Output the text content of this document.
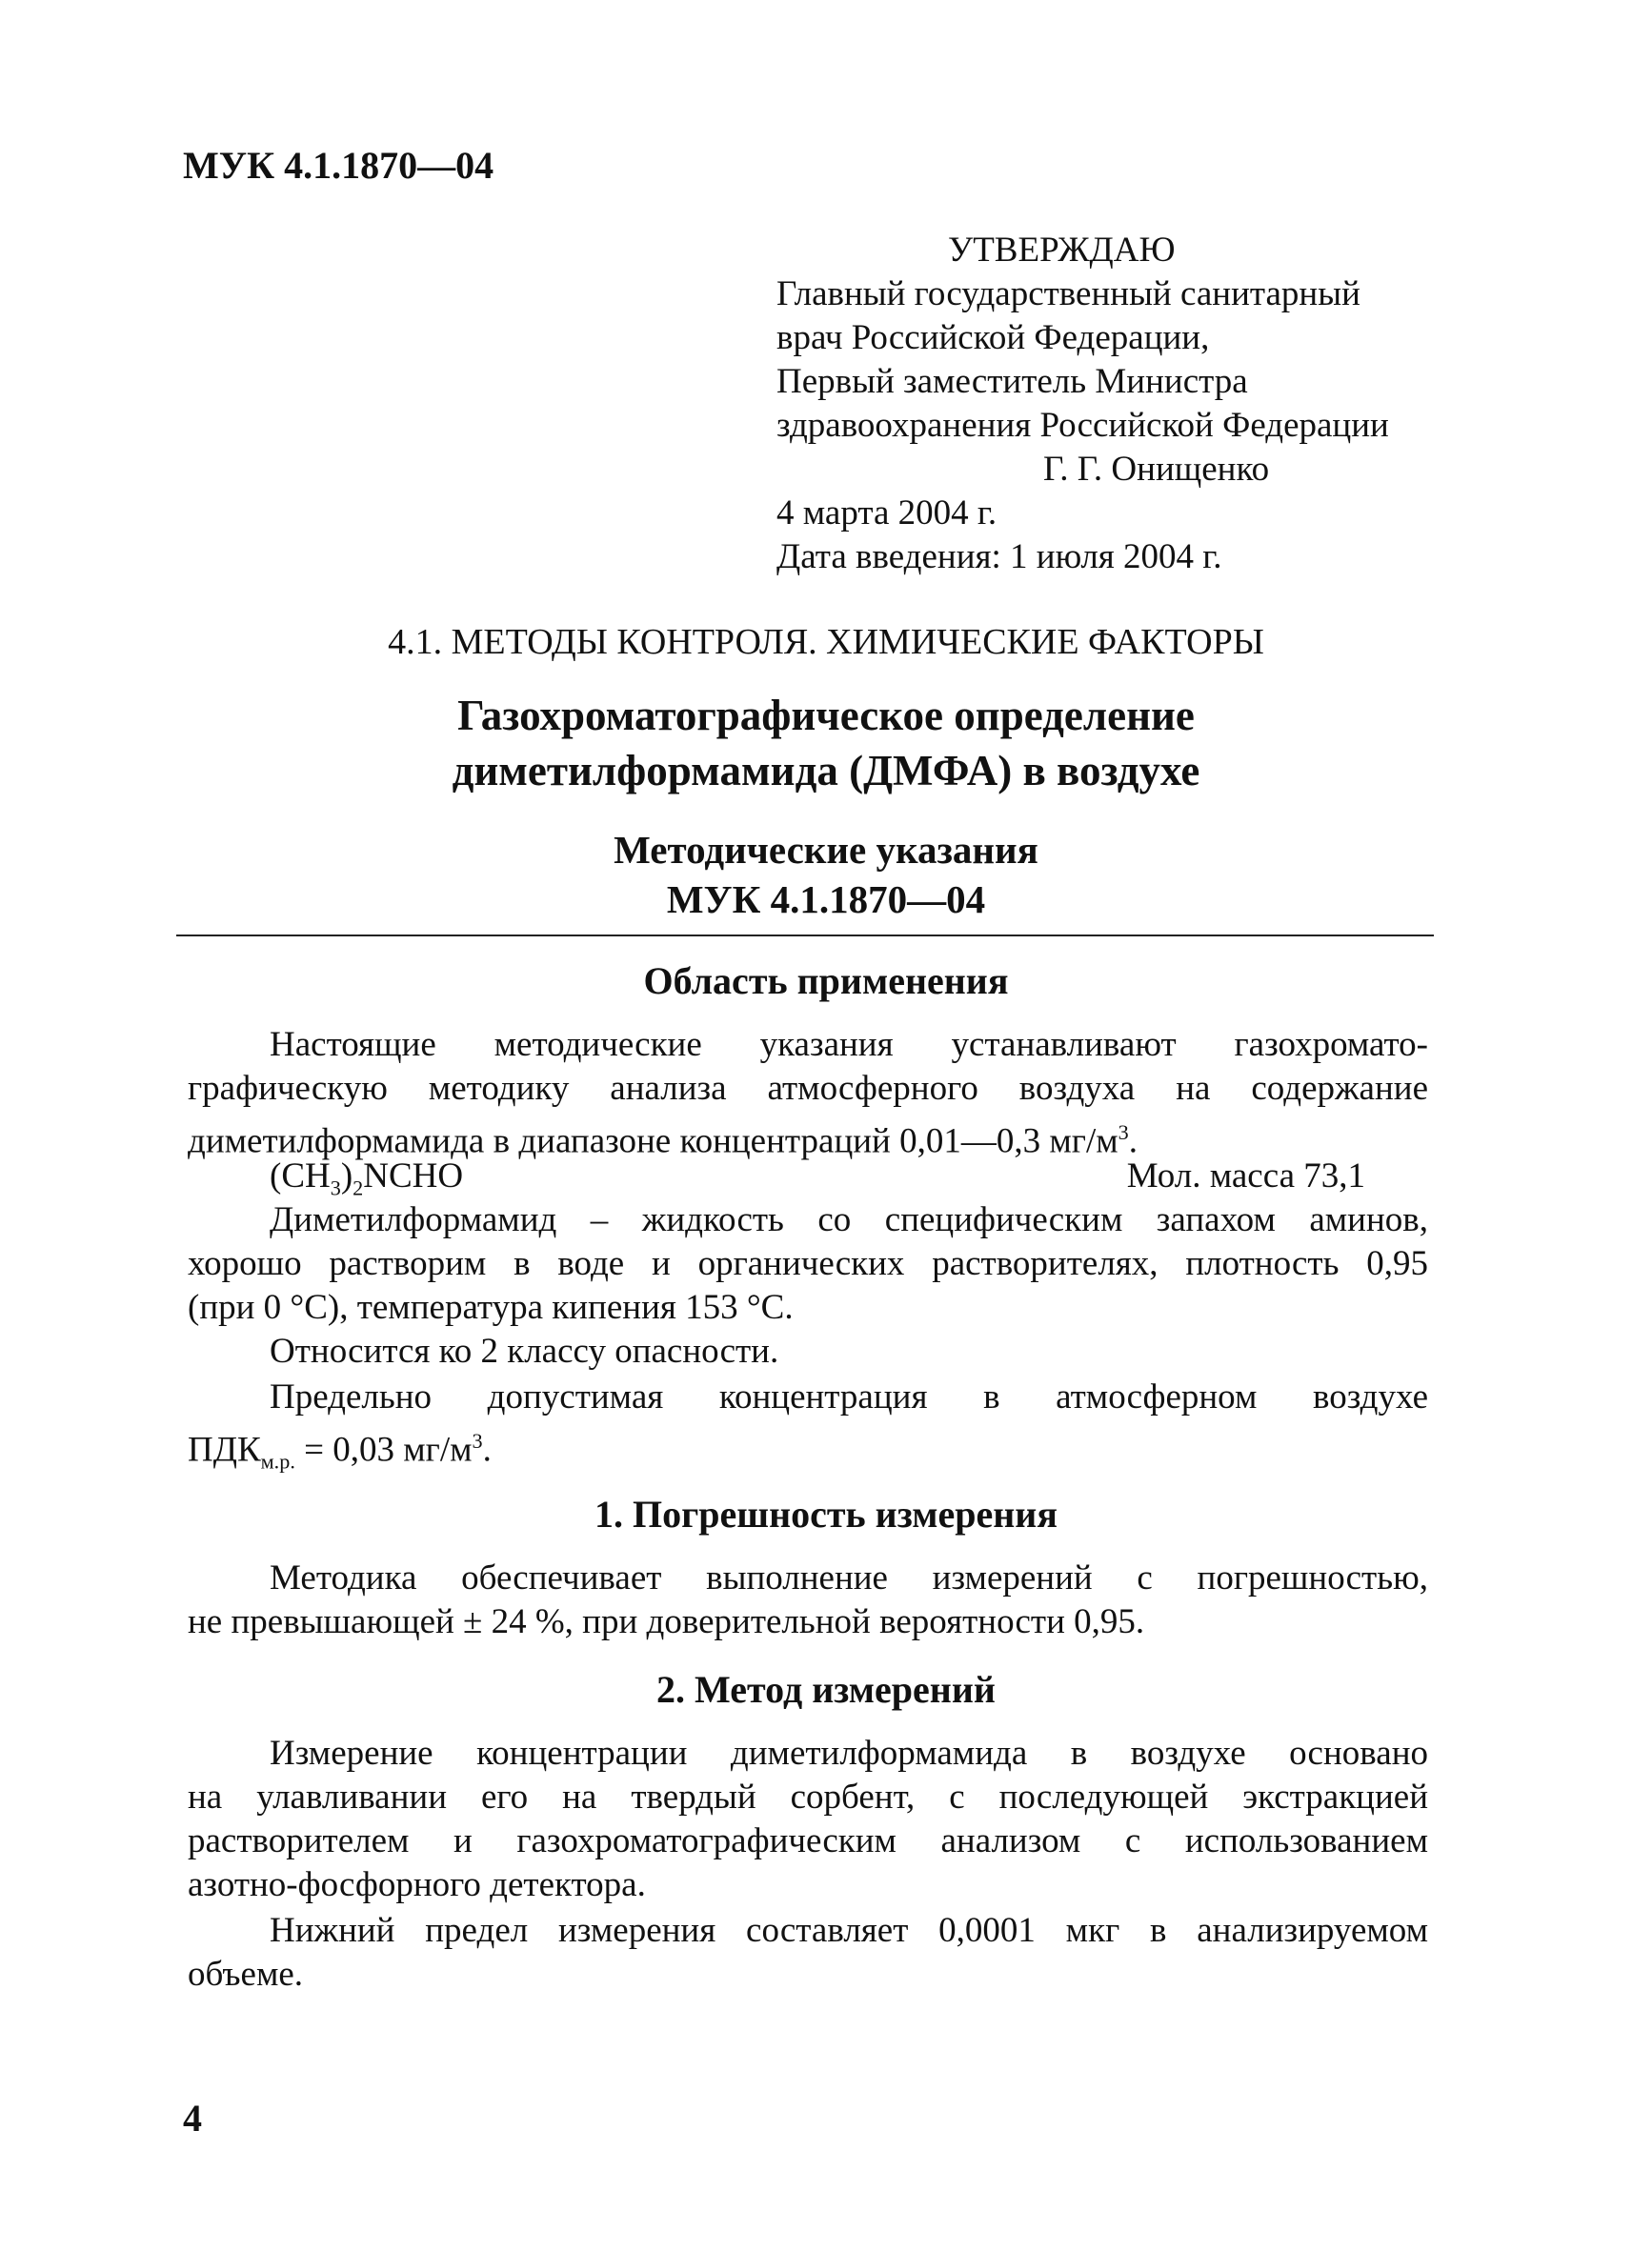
МУК 4.1.1870—04
УТВЕРЖДАЮ
Главный государственный санитарный
врач Российской Федерации,
Первый заместитель Министра
здравоохранения Российской Федерации
Г. Г. Онищенко
4 марта 2004 г.
Дата введения: 1 июля 2004 г.
4.1. МЕТОДЫ КОНТРОЛЯ. ХИМИЧЕСКИЕ ФАКТОРЫ
Газохроматографическое определение
диметилформамида (ДМФА) в воздухе
Методические указания
МУК 4.1.1870—04
Область применения
Настоящие методические указания устанавливают газохромато-
графическую методику анализа атмосферного воздуха на содержание
диметилформамида в диапазоне концентраций 0,01—0,3 $мг/м^3$.
$(CH_3)_2NCHO$	Мол. масса 73,1
Диметилформамид – жидкость со специфическим запахом аминов,
хорошо растворим в воде и органических растворителях, плотность 0,95
(при 0 °С), температура кипения 153 °С.
Относится ко 2 классу опасности.
Предельно допустимая концентрация в атмосферном воздухе
$ПДК_{м.р.} = 0,03$ $мг/м^3$.
1. Погрешность измерения
Методика обеспечивает выполнение измерений с погрешностью,
не превышающей ± 24 %, при доверительной вероятности 0,95.
2. Метод измерений
Измерение концентрации диметилформамида в воздухе основано
на улавливании его на твердый сорбент, с последующей экстракцией
растворителем и газохроматографическим анализом с использованием
азотно-фосфорного детектора.
Нижний предел измерения составляет 0,0001 мкг в анализируемом
объеме.
4
